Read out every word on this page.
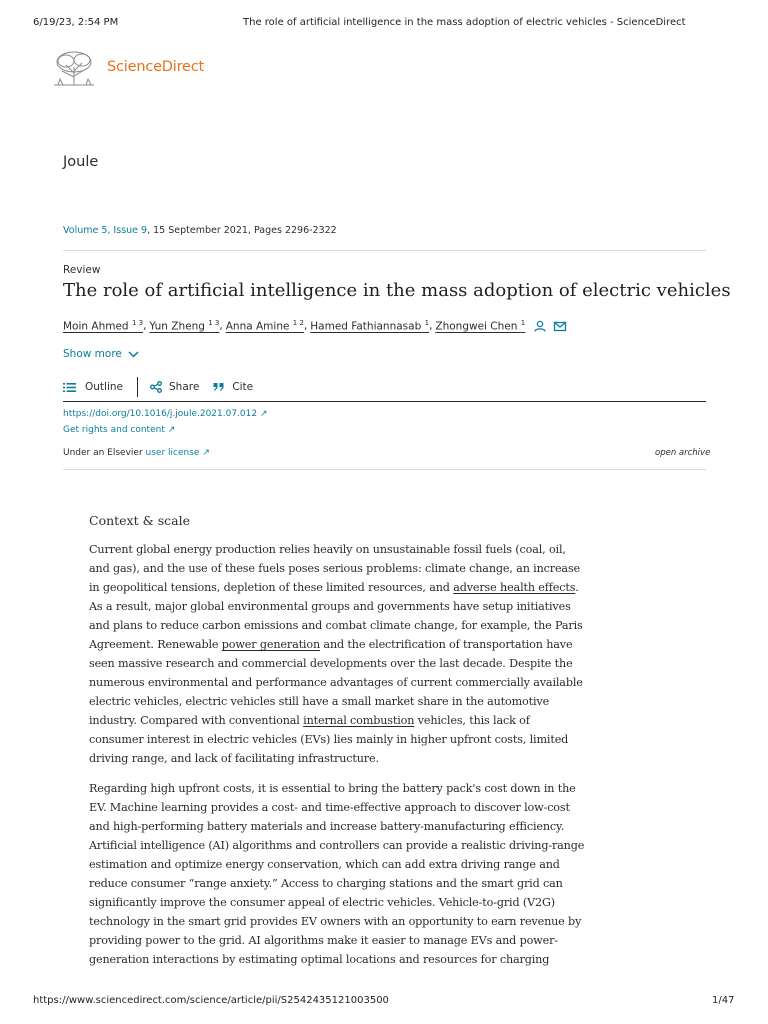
6/19/23, 2:54 PM	The role of artificial intelligence in the mass adoption of electric vehicles - ScienceDirect
ScienceDirect
Joule
Volume 5, Issue 9, 15 September 2021, Pages 2296-2322
Review
The role of artificial intelligence in the mass adoption of electric vehicles
Moin Ahmed $^{1 3}$ , Yun Zheng $^{1 3}$ , Anna Amine $^{1 2}$ , Hamed Fathiannasab $^1$ , Zhongwei Chen $^1$
Show more
Outline	Share	Cite
https://doi.org/10.1016/j.joule.2021.07.012 ↗
Get rights and content ↗
Under an Elsevier user license ↗	open archive
Context & scale
Current global energy production relies heavily on unsustainable fossil fuels (coal, oil,
and gas), and the use of these fuels poses serious problems: climate change, an increase
in geopolitical tensions, depletion of these limited resources, and adverse health effects.
As a result, major global environmental groups and governments have setup initiatives
and plans to reduce carbon emissions and combat climate change, for example, the Paris
Agreement. Renewable power generation and the electrification of transportation have
seen massive research and commercial developments over the last decade. Despite the
numerous environmental and performance advantages of current commercially available
electric vehicles, electric vehicles still have a small market share in the automotive
industry. Compared with conventional internal combustion vehicles, this lack of
consumer interest in electric vehicles (EVs) lies mainly in higher upfront costs, limited
driving range, and lack of facilitating infrastructure.
Regarding high upfront costs, it is essential to bring the battery pack's cost down in the
EV. Machine learning provides a cost- and time-effective approach to discover low-cost
and high-performing battery materials and increase battery-manufacturing efficiency.
Artificial intelligence (AI) algorithms and controllers can provide a realistic driving-range
estimation and optimize energy conservation, which can add extra driving range and
reduce consumer “range anxiety.” Access to charging stations and the smart grid can
significantly improve the consumer appeal of electric vehicles. Vehicle-to-grid (V2G)
technology in the smart grid provides EV owners with an opportunity to earn revenue by
providing power to the grid. AI algorithms make it easier to manage EVs and power-
generation interactions by estimating optimal locations and resources for charging
https://www.sciencedirect.com/science/article/pii/S2542435121003500	1/47
